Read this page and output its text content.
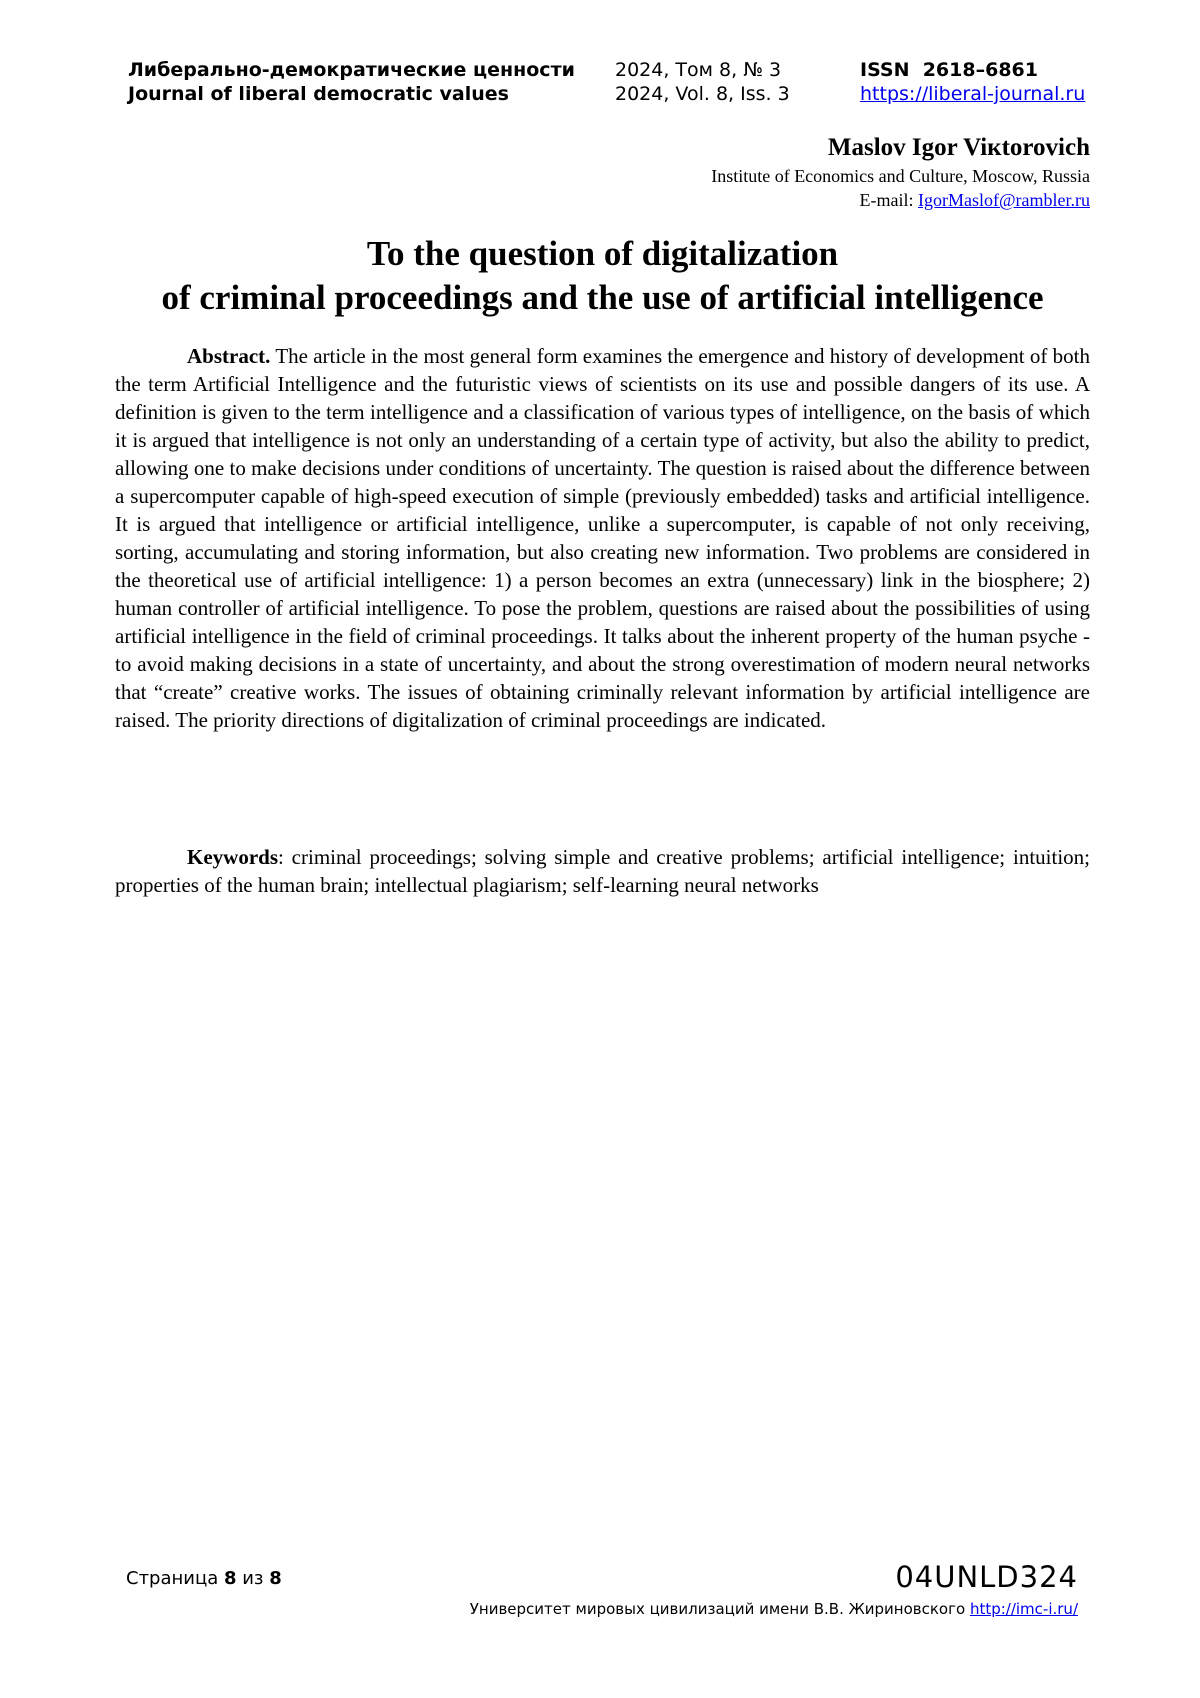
Либерально-демократические ценности
Journal of liberal democratic values
2024, Том 8, № 3
2024, Vol. 8, Iss. 3
ISSN  2618–6861
https://liberal-journal.ru
Maslov Igor Viкtorovich
Institute of Economics and Culture, Moscow, Russia
E-mail: IgorMaslof@rambler.ru
To the question of digitalization
of criminal proceedings and the use of artificial intelligence

Abstract. The article in the most general form examines the emergence and history of development of both the term Artificial Intelligence and the futuristic views of scientists on its use and possible dangers of its use. A definition is given to the term intelligence and a classification of various types of intelligence, on the basis of which it is argued that intelligence is not only an understanding of a certain type of activity, but also the ability to predict, allowing one to make decisions under conditions of uncertainty. The question is raised about the difference between a supercomputer capable of high-speed execution of simple (previously embedded) tasks and artificial intelligence. It is argued that intelligence or artificial intelligence, unlike a supercomputer, is capable of not only receiving, sorting, accumulating and storing information, but also creating new information. Two problems are considered in the theoretical use of artificial intelligence: 1) a person becomes an extra (unnecessary) link in the biosphere; 2) human controller of artificial intelligence. To pose the problem, questions are raised about the possibilities of using artificial intelligence in the field of criminal proceedings. It talks about the inherent property of the human psyche - to avoid making decisions in a state of uncertainty, and about the strong overestimation of modern neural networks that “create” creative works. The issues of obtaining criminally relevant information by artificial intelligence are raised. The priority directions of digitalization of criminal proceedings are indicated.

Keywords: criminal proceedings; solving simple and creative problems; artificial intelligence; intuition; properties of the human brain; intellectual plagiarism; self-learning neural networks

Страница 8 из 8	04UNLD324
Университет мировых цивилизаций имени В.В. Жириновского http://imc-i.ru/
